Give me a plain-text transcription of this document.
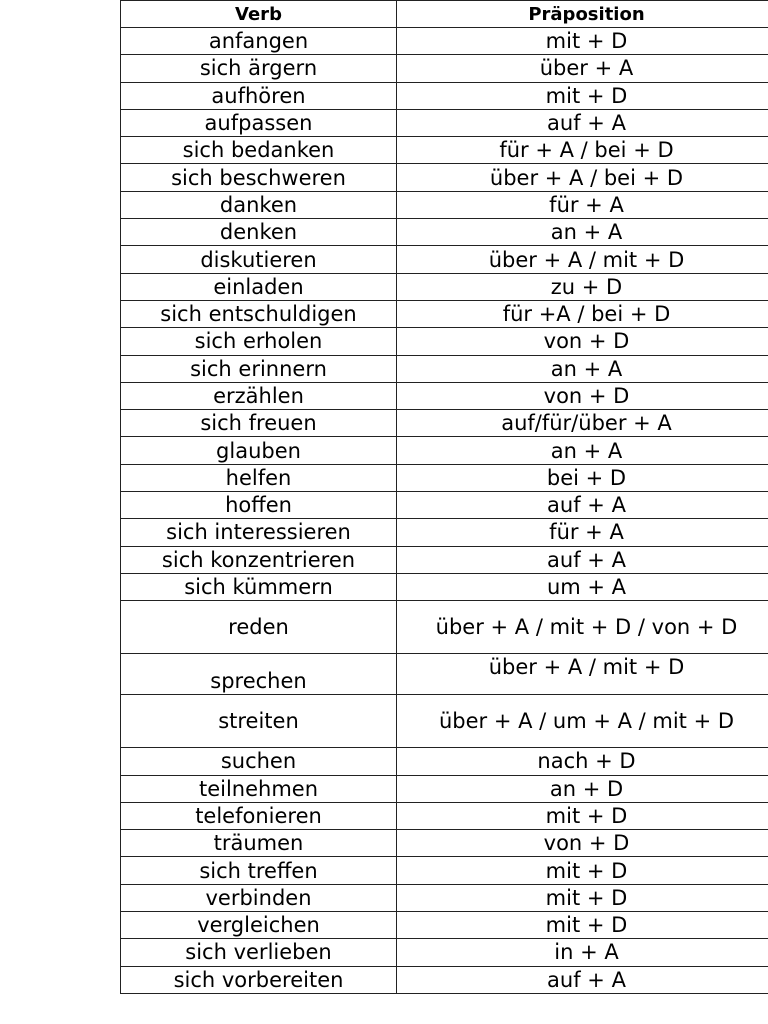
Verb	Präposition
anfangen	mit + D
sich ärgern	über + A
aufhören	mit + D
aufpassen	auf + A
sich bedanken	für + A / bei + D
sich beschweren	über + A / bei + D
danken	für + A
denken	an + A
diskutieren	über + A / mit + D
einladen	zu + D
sich entschuldigen	für +A / bei + D
sich erholen	von + D
sich erinnern	an + A
erzählen	von + D
sich freuen	auf/für/über + A
glauben	an + A
helfen	bei + D
hoffen	auf + A
sich interessieren	für + A
sich konzentrieren	auf + A
sich kümmern	um + A
reden	über + A / mit + D / von + D
sprechen	über + A / mit + D
streiten	über + A / um + A / mit + D
suchen	nach + D
teilnehmen	an + D
telefonieren	mit + D
träumen	von + D
sich treffen	mit + D
verbinden	mit + D
vergleichen	mit + D
sich verlieben	in + A
sich vorbereiten	auf + A
